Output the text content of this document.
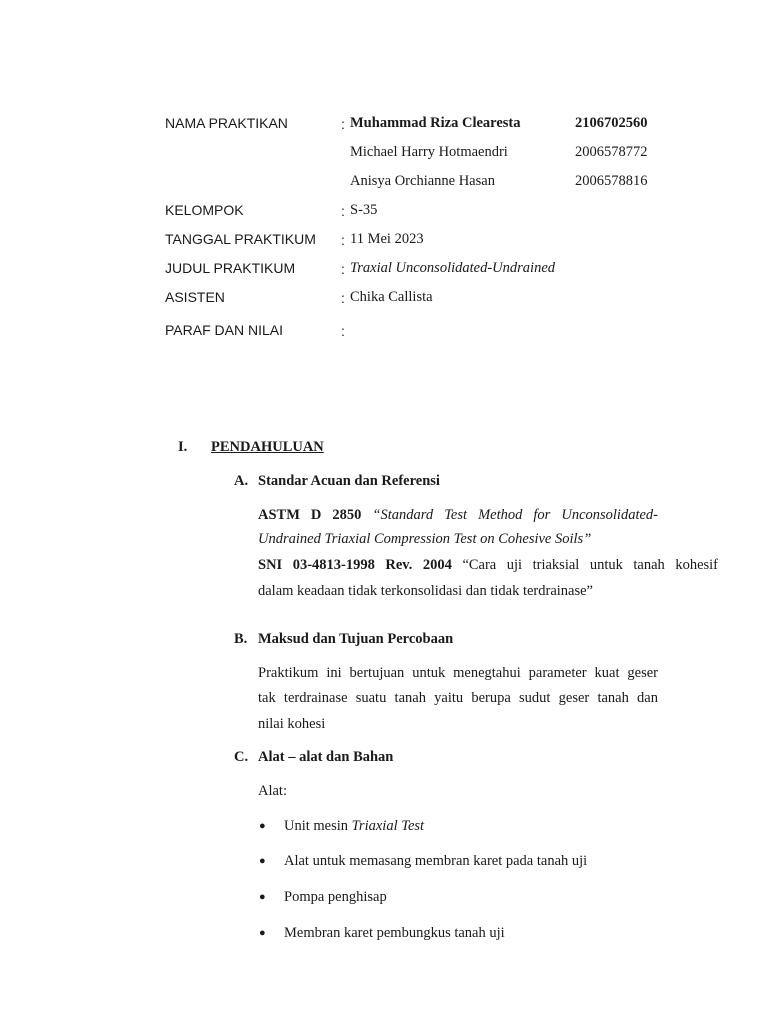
NAMA PRAKTIKAN	: Muhammad Riza Clearesta	2106702560
Michael Harry Hotmaendri	2006578772
Anisya Orchianne Hasan	2006578816
KELOMPOK	: S-35
TANGGAL PRAKTIKUM : 11 Mei 2023
JUDUL PRAKTIKUM	: Traxial Unconsolidated-Undrained
ASISTEN	: Chika Callista
PARAF DAN NILAI	:
I. PENDAHULUAN
A. Standar Acuan dan Referensi
ASTM D 2850 “Standard Test Method for Unconsolidated-
Undrained Triaxial Compression Test on Cohesive Soils”
SNI 03-4813-1998 Rev. 2004 “Cara uji triaksial untuk tanah kohesif
dalam keadaan tidak terkonsolidasi dan tidak terdrainase”
B. Maksud dan Tujuan Percobaan
Praktikum ini bertujuan untuk menegtahui parameter kuat geser
tak terdrainase suatu tanah yaitu berupa sudut geser tanah dan
nilai kohesi
C. Alat – alat dan Bahan
Alat:
● Unit mesin Triaxial Test
● Alat untuk memasang membran karet pada tanah uji
● Pompa penghisap
● Membran karet pembungkus tanah uji
